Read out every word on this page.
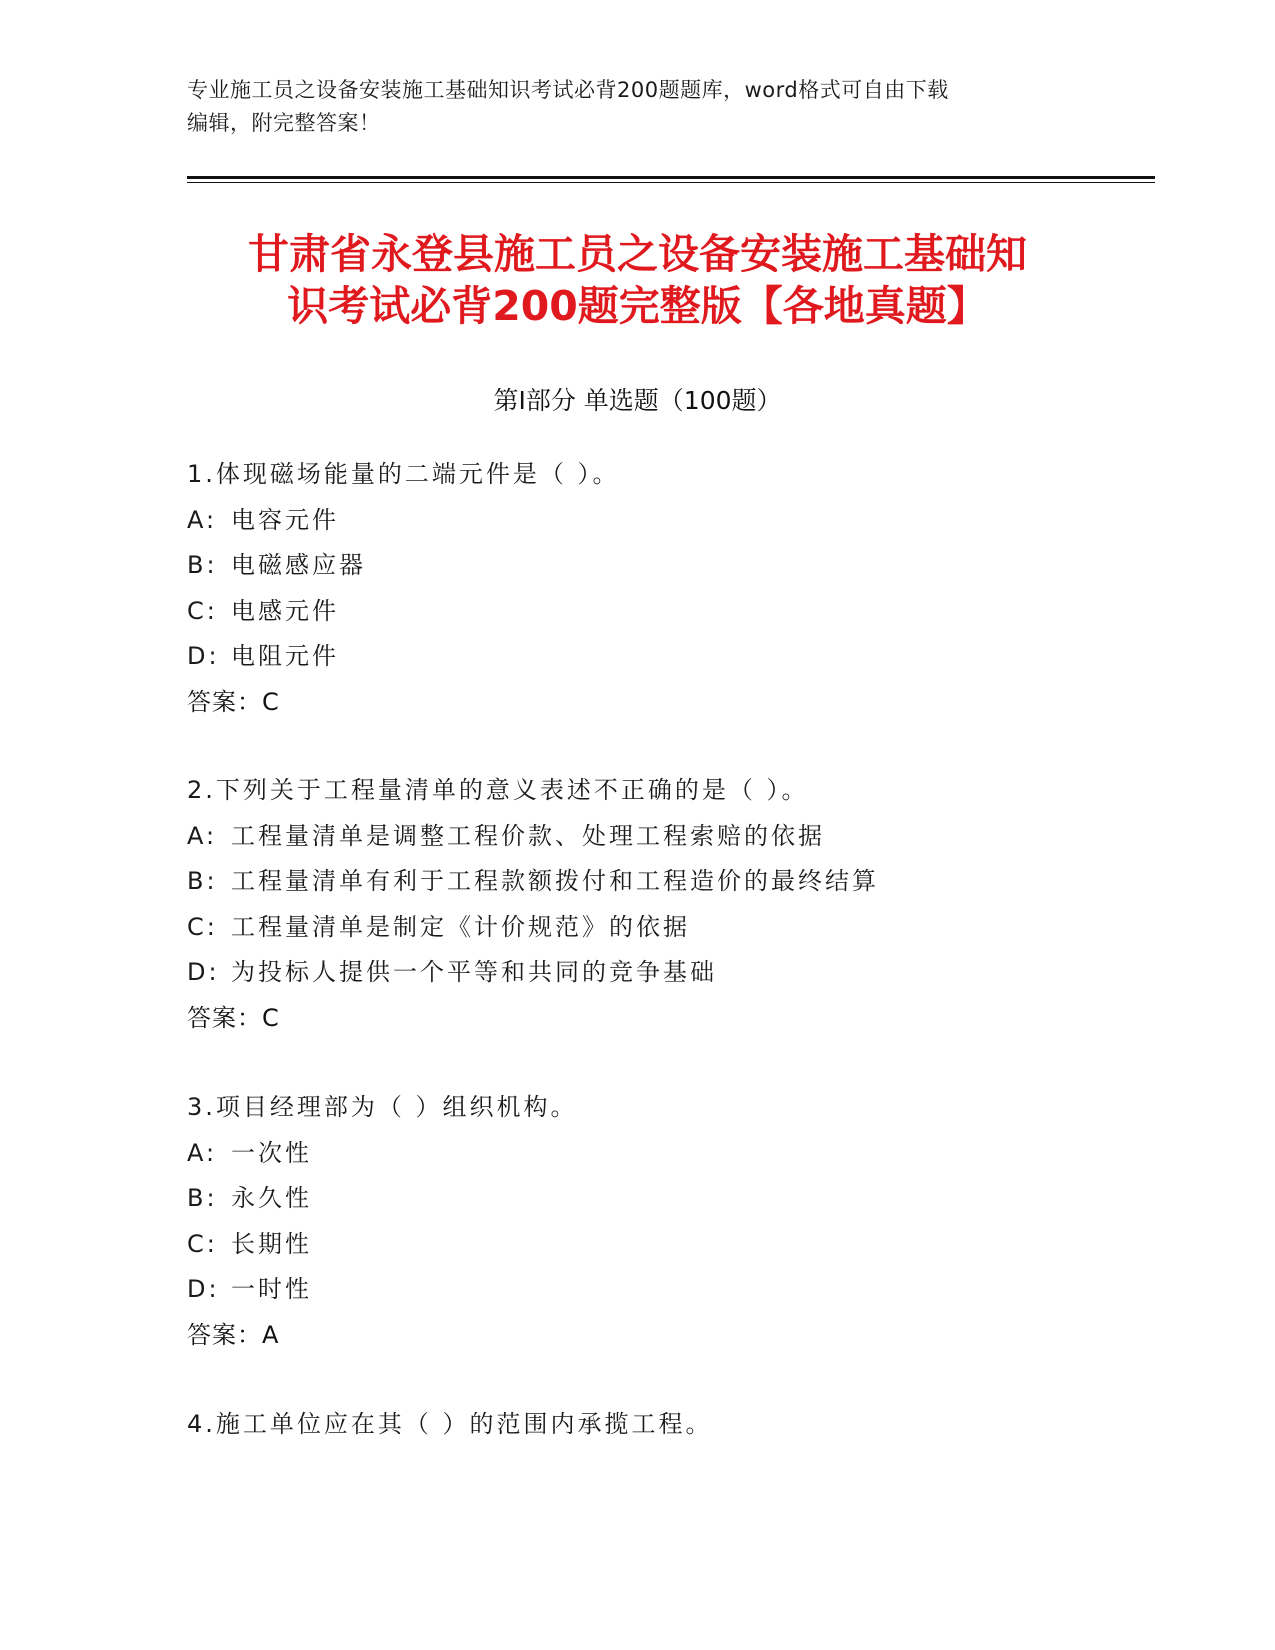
专业施工员之设备安装施工基础知识考试必背200题题库，word格式可自由下载
编辑，附完整答案！
甘肃省永登县施工员之设备安装施工基础知
识考试必背200题完整版【各地真题】
第Ⅰ部分 单选题（100题）
1.体现磁场能量的二端元件是（ ）。
A: 电容元件
B: 电磁感应器
C: 电感元件
D: 电阻元件
答案：C
2.下列关于工程量清单的意义表述不正确的是（ ）。
A: 工程量清单是调整工程价款、处理工程索赔的依据
B: 工程量清单有利于工程款额拨付和工程造价的最终结算
C: 工程量清单是制定《计价规范》的依据
D: 为投标人提供一个平等和共同的竞争基础
答案：C
3.项目经理部为（ ）组织机构。
A: 一次性
B: 永久性
C: 长期性
D: 一时性
答案：A
4.施工单位应在其（ ）的范围内承揽工程。
